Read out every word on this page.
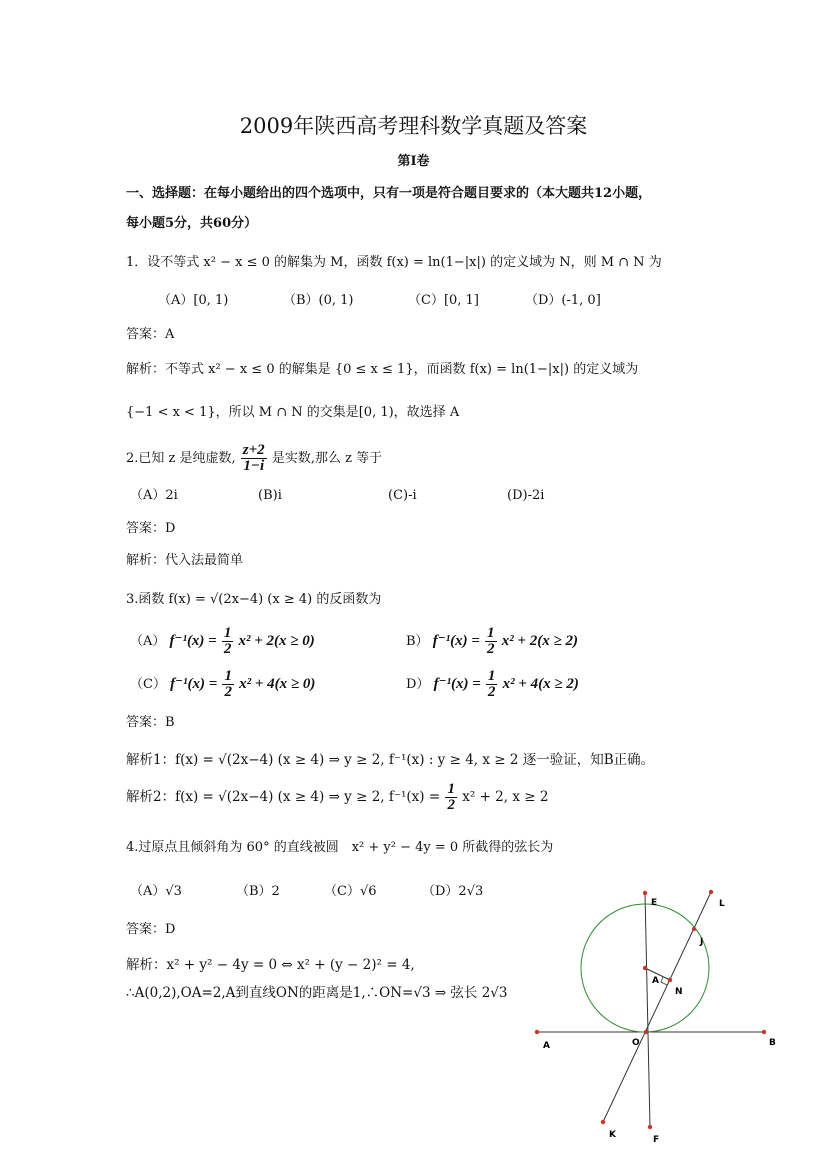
2009年陕西高考理科数学真题及答案
第Ⅰ卷
一、选择题：在每小题给出的四个选项中，只有一项是符合题目要求的（本大题共12小题，
每小题5分，共60分）
1．设不等式 x² − x ≤ 0 的解集为 M，函数 f(x) = ln(1−|x|) 的定义域为 N，则 M ∩ N 为
（A）[0, 1)	（B）(0, 1)	（C）[0, 1]	（D）(-1, 0]
答案：A
解析：不等式 x² − x ≤ 0 的解集是 {0 ≤ x ≤ 1}，而函数 f(x) = ln(1−|x|) 的定义域为
{−1 < x < 1}，所以 M ∩ N 的交集是[0, 1)，故选择 A
2.已知 z 是纯虚数, $\frac{z+2}{1-i}$ 是实数,那么 z 等于
（A）2i	(B)i	(C)-i	(D)-2i
答案：D
解析：代入法最简单
3.函数 f(x) = √(2x−4) (x ≥ 4) 的反函数为
（A） $f^{-1}(x) = \frac{1}{2} x^2 + 2(x \ge 0)$	B） $f^{-1}(x) = \frac{1}{2} x^2 + 2(x \ge 2)$
（C） $f^{-1}(x) = \frac{1}{2} x^2 + 4(x \ge 0)$	D） $f^{-1}(x) = \frac{1}{2} x^2 + 4(x \ge 2)$
答案：B
解析1：f(x) = √(2x−4) (x ≥ 4) ⇒ y ≥ 2, f⁻¹(x) : y ≥ 4, x ≥ 2 逐一验证，知B正确。
解析2：f(x) = √(2x−4) (x ≥ 4) ⇒ y ≥ 2, $f^{-1}(x) = \frac{1}{2} x^2 + 2$, x ≥ 2
4.过原点且倾斜角为 60° 的直线被圆　x² + y² − 4y = 0 所截得的弦长为
（A）√3	（B）2	（C）√6	（D）2√3
答案：D
解析：x² + y² − 4y = 0 ⇔ x² + (y − 2)² = 4,
∴A(0,2),OA=2,A到直线ON的距离是1,∴ON=√3 ⇒ 弦长 2√3
E	L
J
A
N
A	O	B
K	F
